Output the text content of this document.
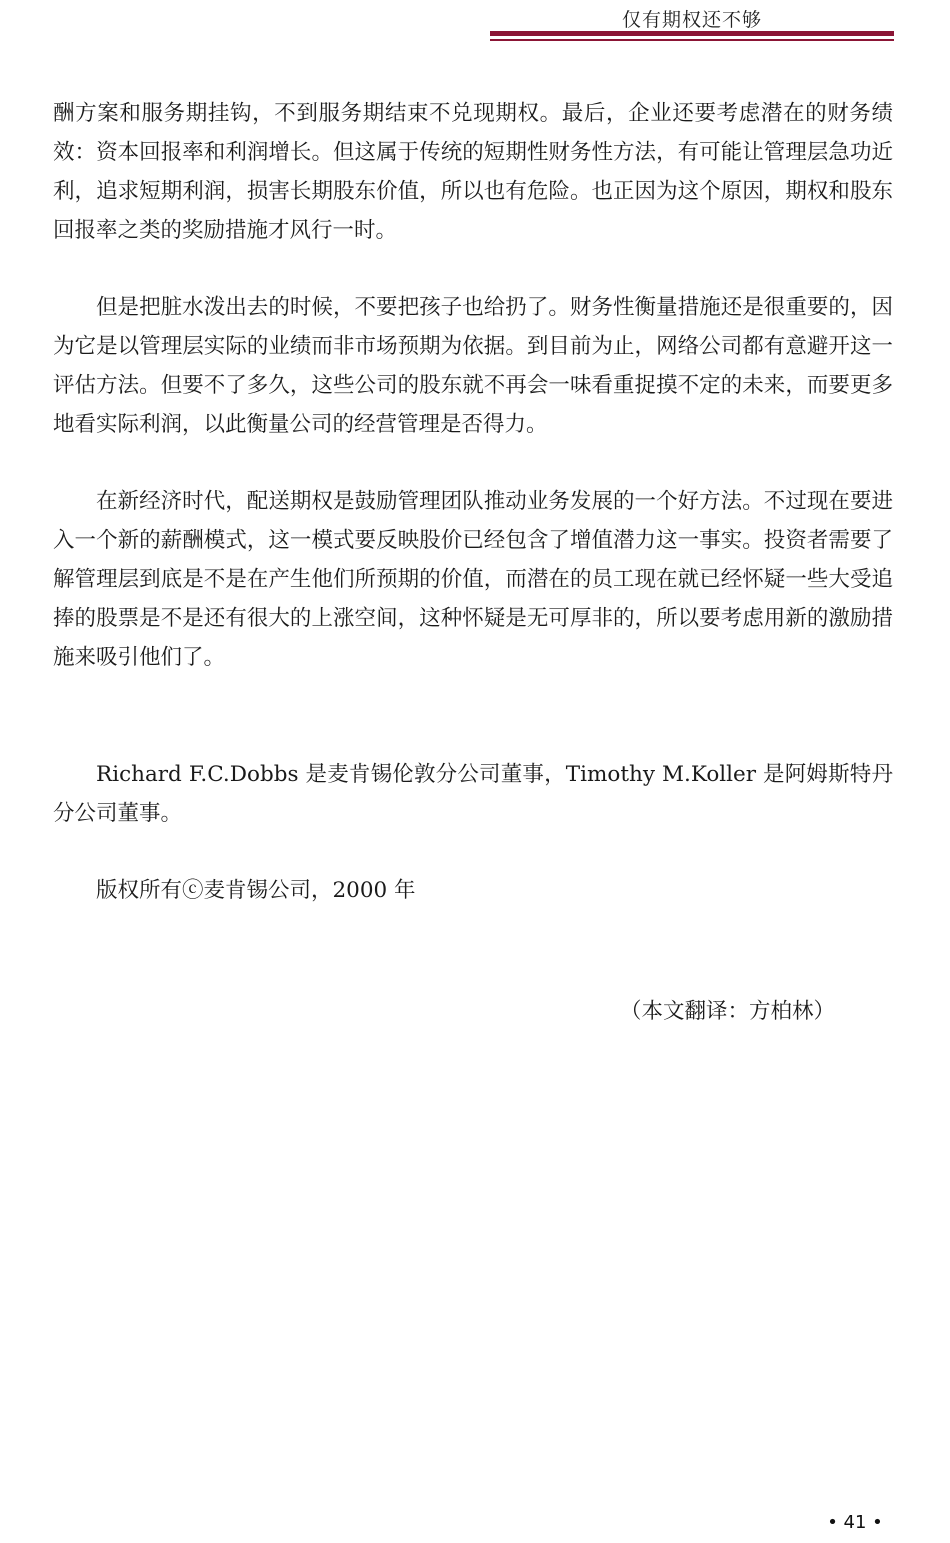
仅有期权还不够

酬方案和服务期挂钩，不到服务期结束不兑现期权。最后，企业还要考虑潜在的财务绩效：资本回报率和利润增长。但这属于传统的短期性财务性方法，有可能让管理层急功近利，追求短期利润，损害长期股东价值，所以也有危险。也正因为这个原因，期权和股东回报率之类的奖励措施才风行一时。

但是把脏水泼出去的时候，不要把孩子也给扔了。财务性衡量措施还是很重要的，因为它是以管理层实际的业绩而非市场预期为依据。到目前为止，网络公司都有意避开这一评估方法。但要不了多久，这些公司的股东就不再会一味看重捉摸不定的未来，而要更多地看实际利润，以此衡量公司的经营管理是否得力。

在新经济时代，配送期权是鼓励管理团队推动业务发展的一个好方法。不过现在要进入一个新的薪酬模式，这一模式要反映股价已经包含了增值潜力这一事实。投资者需要了解管理层到底是不是在产生他们所预期的价值，而潜在的员工现在就已经怀疑一些大受追捧的股票是不是还有很大的上涨空间，这种怀疑是无可厚非的，所以要考虑用新的激励措施来吸引他们了。

Richard F.C.Dobbs 是麦肯锡伦敦分公司董事，Timothy M.Koller 是阿姆斯特丹分公司董事。

版权所有ⓒ麦肯锡公司，2000 年

（本文翻译：方柏林）
• 41 •
